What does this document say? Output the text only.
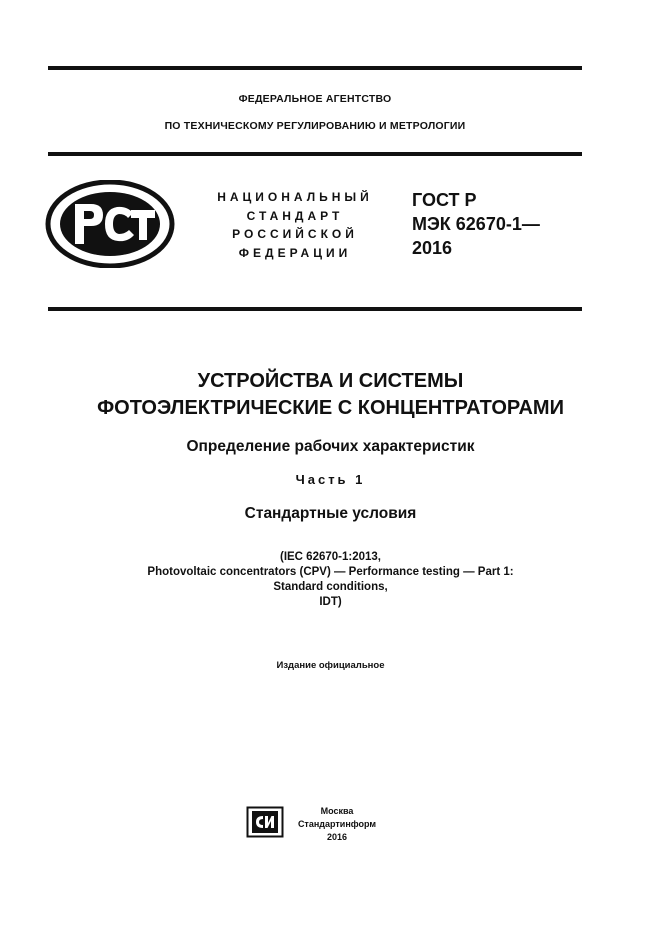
ФЕДЕРАЛЬНОЕ АГЕНТСТВО
ПО ТЕХНИЧЕСКОМУ РЕГУЛИРОВАНИЮ И МЕТРОЛОГИИ
НАЦИОНАЛЬНЫЙ
СТАНДАРТ
РОССИЙСКОЙ
ФЕДЕРАЦИИ
ГОСТ Р
МЭК 62670-1—
2016
УСТРОЙСТВА И СИСТЕМЫ
ФОТОЭЛЕКТРИЧЕСКИЕ С КОНЦЕНТРАТОРАМИ
Определение рабочих характеристик
Часть 1
Стандартные условия
(IEC 62670-1:2013,
Photovoltaic concentrators (CPV) — Performance testing — Part 1:
Standard conditions,
IDT)
Издание официальное
Москва
Стандартинформ
2016
